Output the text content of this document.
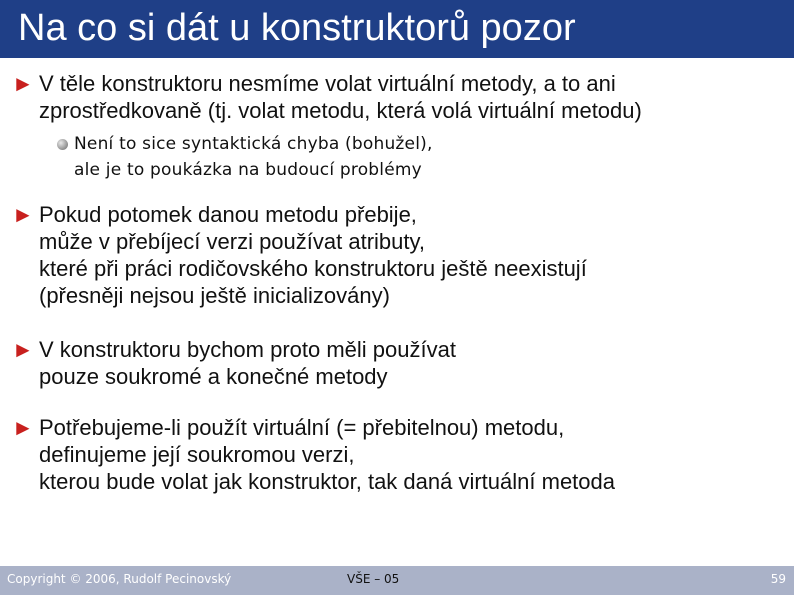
Na co si dát u konstruktorů pozor
► V těle konstruktoru nesmíme volat virtuální metody, a to ani
zprostředkovaně (tj. volat metodu, která volá virtuální metodu)
Není to sice syntaktická chyba (bohužel),
ale je to poukázka na budoucí problémy
► Pokud potomek danou metodu přebije,
může v přebíjecí verzi používat atributy,
které při práci rodičovského konstruktoru ještě neexistují
(přesněji nejsou ještě inicializovány)
► V konstruktoru bychom proto měli používat
pouze soukromé a konečné metody
► Potřebujeme-li použít virtuální (= přebitelnou) metodu,
definujeme její soukromou verzi,
kterou bude volat jak konstruktor, tak daná virtuální metoda
Copyright © 2006, Rudolf Pecinovský	VŠE – 05	59
